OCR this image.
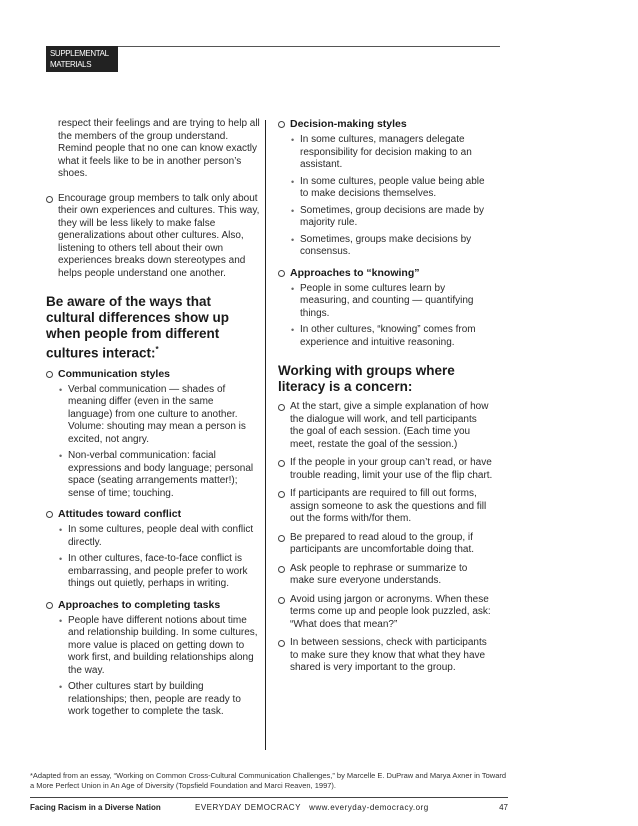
SUPPLEMENTAL
MATERIALS
respect their feelings and are trying to help all the members of the group understand. Remind people that no one can know exactly what it feels like to be in another person’s shoes.
Encourage group members to talk only about their own experiences and cultures. This way, they will be less likely to make false generalizations about other cultures. Also, listening to others tell about their own experiences breaks down stereotypes and helps people understand one another.
Be aware of the ways that cultural differences show up when people from different cultures interact:*
Communication styles
• Verbal communication — shades of meaning differ (even in the same language) from one culture to another. Volume: shouting may mean a person is excited, not angry.
• Non-verbal communication: facial expressions and body language; personal space (seating arrangements matter!); sense of time; touching.
Attitudes toward conflict
• In some cultures, people deal with conflict directly.
• In other cultures, face-to-face conflict is embarrassing, and people prefer to work things out quietly, perhaps in writing.
Approaches to completing tasks
• People have different notions about time and relationship building. In some cultures, more value is placed on getting down to work first, and building relationships along the way.
• Other cultures start by building relationships; then, people are ready to work together to complete the task.
Decision-making styles
• In some cultures, managers delegate responsibility for decision making to an assistant.
• In some cultures, people value being able to make decisions themselves.
• Sometimes, group decisions are made by majority rule.
• Sometimes, groups make decisions by consensus.
Approaches to “knowing”
• People in some cultures learn by measuring, and counting — quantifying things.
• In other cultures, “knowing” comes from experience and intuitive reasoning.
Working with groups where literacy is a concern:
At the start, give a simple explanation of how the dialogue will work, and tell participants the goal of each session. (Each time you meet, restate the goal of the session.)
If the people in your group can’t read, or have trouble reading, limit your use of the flip chart.
If participants are required to fill out forms, assign someone to ask the questions and fill out the forms with/for them.
Be prepared to read aloud to the group, if participants are uncomfortable doing that.
Ask people to rephrase or summarize to make sure everyone understands.
Avoid using jargon or acronyms. When these terms come up and people look puzzled, ask: “What does that mean?”
In between sessions, check with participants to make sure they know that what they have shared is very important to the group.
*Adapted from an essay, “Working on Common Cross-Cultural Communication Challenges,” by Marcelle E. DuPraw and Marya Axner in Toward a More Perfect Union in An Age of Diversity (Topsfield Foundation and Marci Reaven, 1997).
Facing Racism in a Diverse Nation	EVERYDAY DEMOCRACY www.everyday-democracy.org	47
